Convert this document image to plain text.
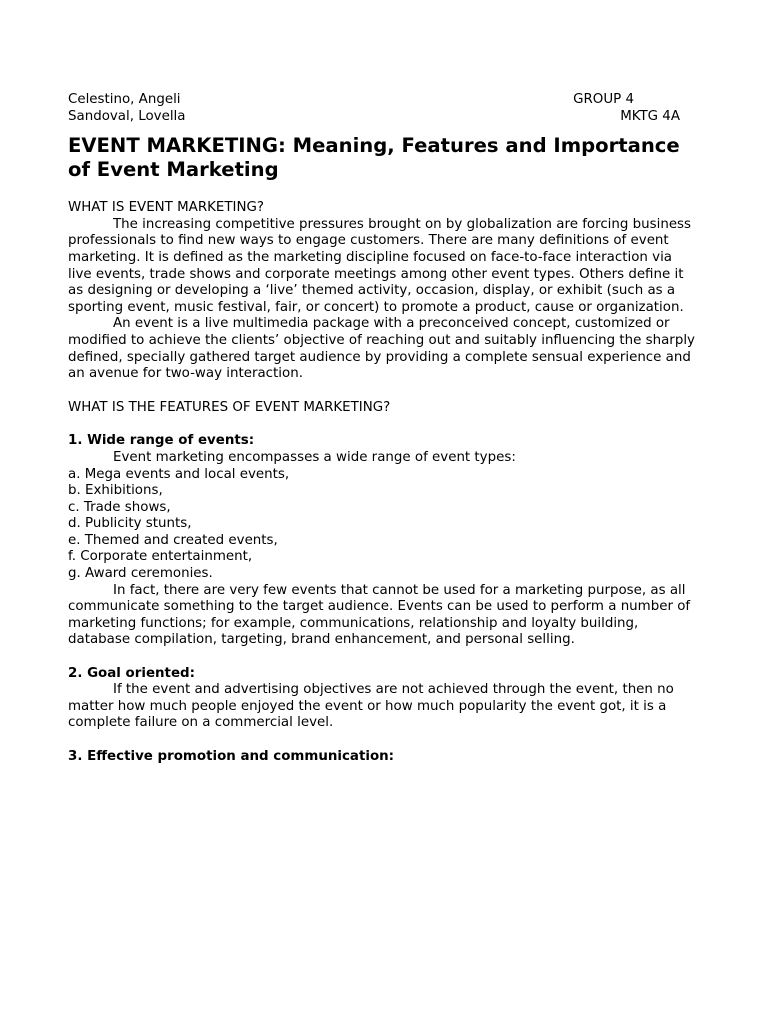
Celestino, Angeli	GROUP 4
Sandoval, Lovella	MKTG 4A
EVENT MARKETING: Meaning, Features and Importance of Event Marketing
WHAT IS EVENT MARKETING?

The increasing competitive pressures brought on by globalization are forcing business professionals to find new ways to engage customers. There are many definitions of event marketing. It is defined as the marketing discipline focused on face-to-face interaction via live events, trade shows and corporate meetings among other event types. Others define it as designing or developing a ‘live’ themed activity, occasion, display, or exhibit (such as a sporting event, music festival, fair, or concert) to promote a product, cause or organization.

An event is a live multimedia package with a preconceived concept, customized or modified to achieve the clients’ objective of reaching out and suitably influencing the sharply defined, specially gathered target audience by providing a complete sensual experience and an avenue for two-way interaction.

WHAT IS THE FEATURES OF EVENT MARKETING?
1. Wide range of events:

Event marketing encompasses a wide range of event types:

a. Mega events and local events,

b. Exhibitions,

c. Trade shows,

d. Publicity stunts,

e. Themed and created events,

f. Corporate entertainment,

g. Award ceremonies.

In fact, there are very few events that cannot be used for a marketing purpose, as all communicate something to the target audience. Events can be used to perform a number of marketing functions; for example, communications, relationship and loyalty building, database compilation, targeting, brand enhancement, and personal selling.

2. Goal oriented:

If the event and advertising objectives are not achieved through the event, then no matter how much people enjoyed the event or how much popularity the event got, it is a complete failure on a commercial level.

3. Effective promotion and communication:
